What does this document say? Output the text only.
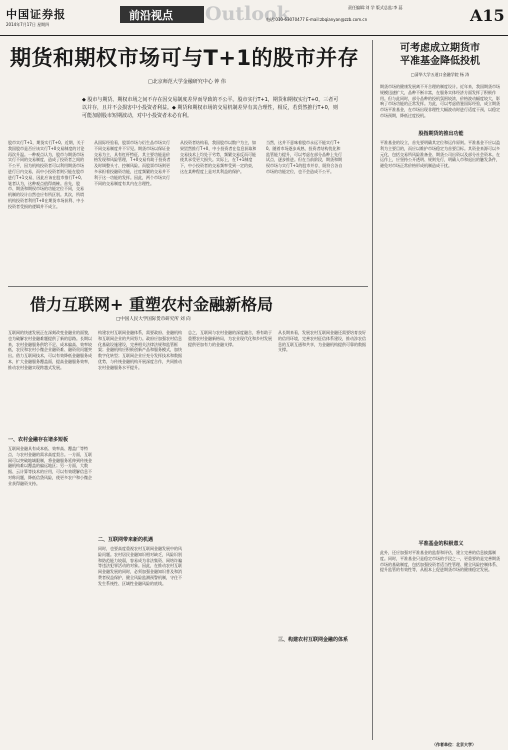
中国证券报
2014年7月17日 星期四
前沿视点 Outlook	责任编辑:刘 学 版式总监:李 蕊
电话:010-63070477 E-mail:zbqianyan@zzb.com.cn	A15
期货和期权市场可与T+1的股市并存
□北京师范大学金融研究中心 钟 伟
◆ 股市与期货、期权市场之间不存在因交易制度差异而导致的不公平。股市实行T+1，期货和期权实行T+0，三者可以并存，且并不会损害中小投资者利益。◆ 期货和期权市场的交易机制差异有其合理性，相反，若贸然推行T+0，则可能加剧股市短期波动，对中小投资者未必有利。
股市实行T+1，期货实行T+0。近期，关于我国股市是否应该实行T+0交易制度的讨论再次升温。一种观点认为，股市与期货市场实行不同的交易制度，造成了投资者之间的不公平，因为机构投资者可以利用期货市场进行日内交易，而中小投资者则只能在股市进行T+1交易，因此应该在股市推行T+0。笔者认为，这种观点值得商榷。首先，股市、期货和期权市场的功能定位不同，交易机制的设计自然也应有所区别。其次，所谓机构投资者利用T+0在期货市场获利、中小投资者受损的逻辑并不成立。
从国际经验看，股票市场与衍生品市场实行不同交易制度并不罕见。期货市场以保证金交易为主，具有杠杆特征，其主要功能是价格发现和风险管理，T+0交易有助于投资者及时调整头寸、控制风险。而股票市场则更多承担着投融资功能，过度频繁的交易并不利于这一功能的发挥。因此，两个市场实行不同的交易制度有其内在合理性。
从投资者结构看，我国股市以散户为主，如果贸然推行T+0，中小投资者在信息获取和交易技术上均处于劣势，频繁交易反而可能使其承受更大损失。实际上，在T+1制度下，中小投资者的交易频率受到一定约束，这在某种程度上是对其利益的保护。
当然，这并不意味着股市永远不能实行T+0。随着市场逐步成熟、投资者结构优化和监管能力提升，可以考虑在部分品种上先行试点，逐步推进。但在当前阶段，期货和期权市场与实行T+1的股市并存，既符合各自市场的功能定位，也不会造成不公平。
可考虑成立期货市
平准基金降低投机
□清华大学五道口金融学院 杨 涛
期货市场的健康发展离不开合理的制度设计。近年来，我国期货市场规模迅速扩大，品种不断丰富，在服务实体经济方面发挥了积极作用。但与此同时，部分品种的投机氛围较浓，价格波动幅度较大，影响了市场功能的正常发挥。为此，可以考虑借鉴国际经验，成立期货市场平准基金，在市场出现非理性大幅波动时进行适度干预，以稳定市场预期，降低过度投机。
股指期货的推出功能
平准基金的设立，首先要明确其定位和运作原则。平准基金不应以盈利为主要目的，而应以维护市场稳定为首要目标。其资金来源可以多元化，包括交易所风险准备金、期货公司出资以及部分社会资本。在运作上，应坚持公开透明、规则先行，明确入市和退出的触发条件，避免对市场正常价格形成机制造成干扰。
平准基金的积极意义
此外，还应加强对平准基金的监督和评估，建立完善的信息披露制度。同时，平准基金只是稳定市场的手段之一，更重要的是完善期货市场的基础制度，包括加强投资者适当性管理、健全风险控制体系、提升监管的有效性等，从根本上促进期货市场的健康稳定发展。
借力互联网+ 重塑农村金融新格局
□中国人民大学国际货币研究所 刘 向
互联网的快速发展正在深刻改变金融业的面貌，也为破解农村金融难题提供了新的思路。长期以来，农村金融服务供给不足、成本偏高、效率较低，农民和农村小微企业融资难、融资贵问题突出。借力互联网技术，可以有效降低金融服务成本，扩大金融服务覆盖面，提高金融服务效率，推动农村金融实现跨越式发展。
一、农村金融存在诸多短板
互联网金融具有成本低、效率高、覆盖广等特点，与农村金融的需求高度契合。一方面，互联网可以突破地域限制，将金融服务延伸到传统金融机构难以覆盖的偏远地区；另一方面，大数据、云计算等技术的应用，可以有效缓解信息不对称问题，降低信贷风险，使更多农户和小微企业获得融资支持。
构建农村互联网金融体系，需要政府、金融机构和互联网企业的共同努力。政府应加强农村信息化基础设施建设，完善相关法律法规和监管框架；金融机构应积极创新产品和服务模式，加快数字化转型；互联网企业应充分发挥技术和数据优势，与传统金融机构开展深度合作，共同推动农村金融服务水平提升。
二、互联网带来新的机遇
同时，也要高度重视农村互联网金融发展中的风险问题。农村居民金融知识相对缺乏，风险识别和防范能力较弱，容易成为非法集资、网络诈骗等违法犯罪活动的对象。因此，在推动农村互联网金融发展的同时，必须加强金融知识普及和消费者权益保护，健全风险监测预警机制，守住不发生系统性、区域性金融风险的底线。
总之，互联网与农村金融的深度融合，将有助于重塑农村金融新格局，为农业现代化和乡村发展提供更加有力的金融支撑。
从长期来看，发展农村互联网金融还需要培育良好的信用环境，完善农村征信体系建设，推动涉农信息的互联互通和共享，为金融机构提供可靠的数据支撑。
三、构建农村互联网金融的体系
（作者单位：北京大学）
